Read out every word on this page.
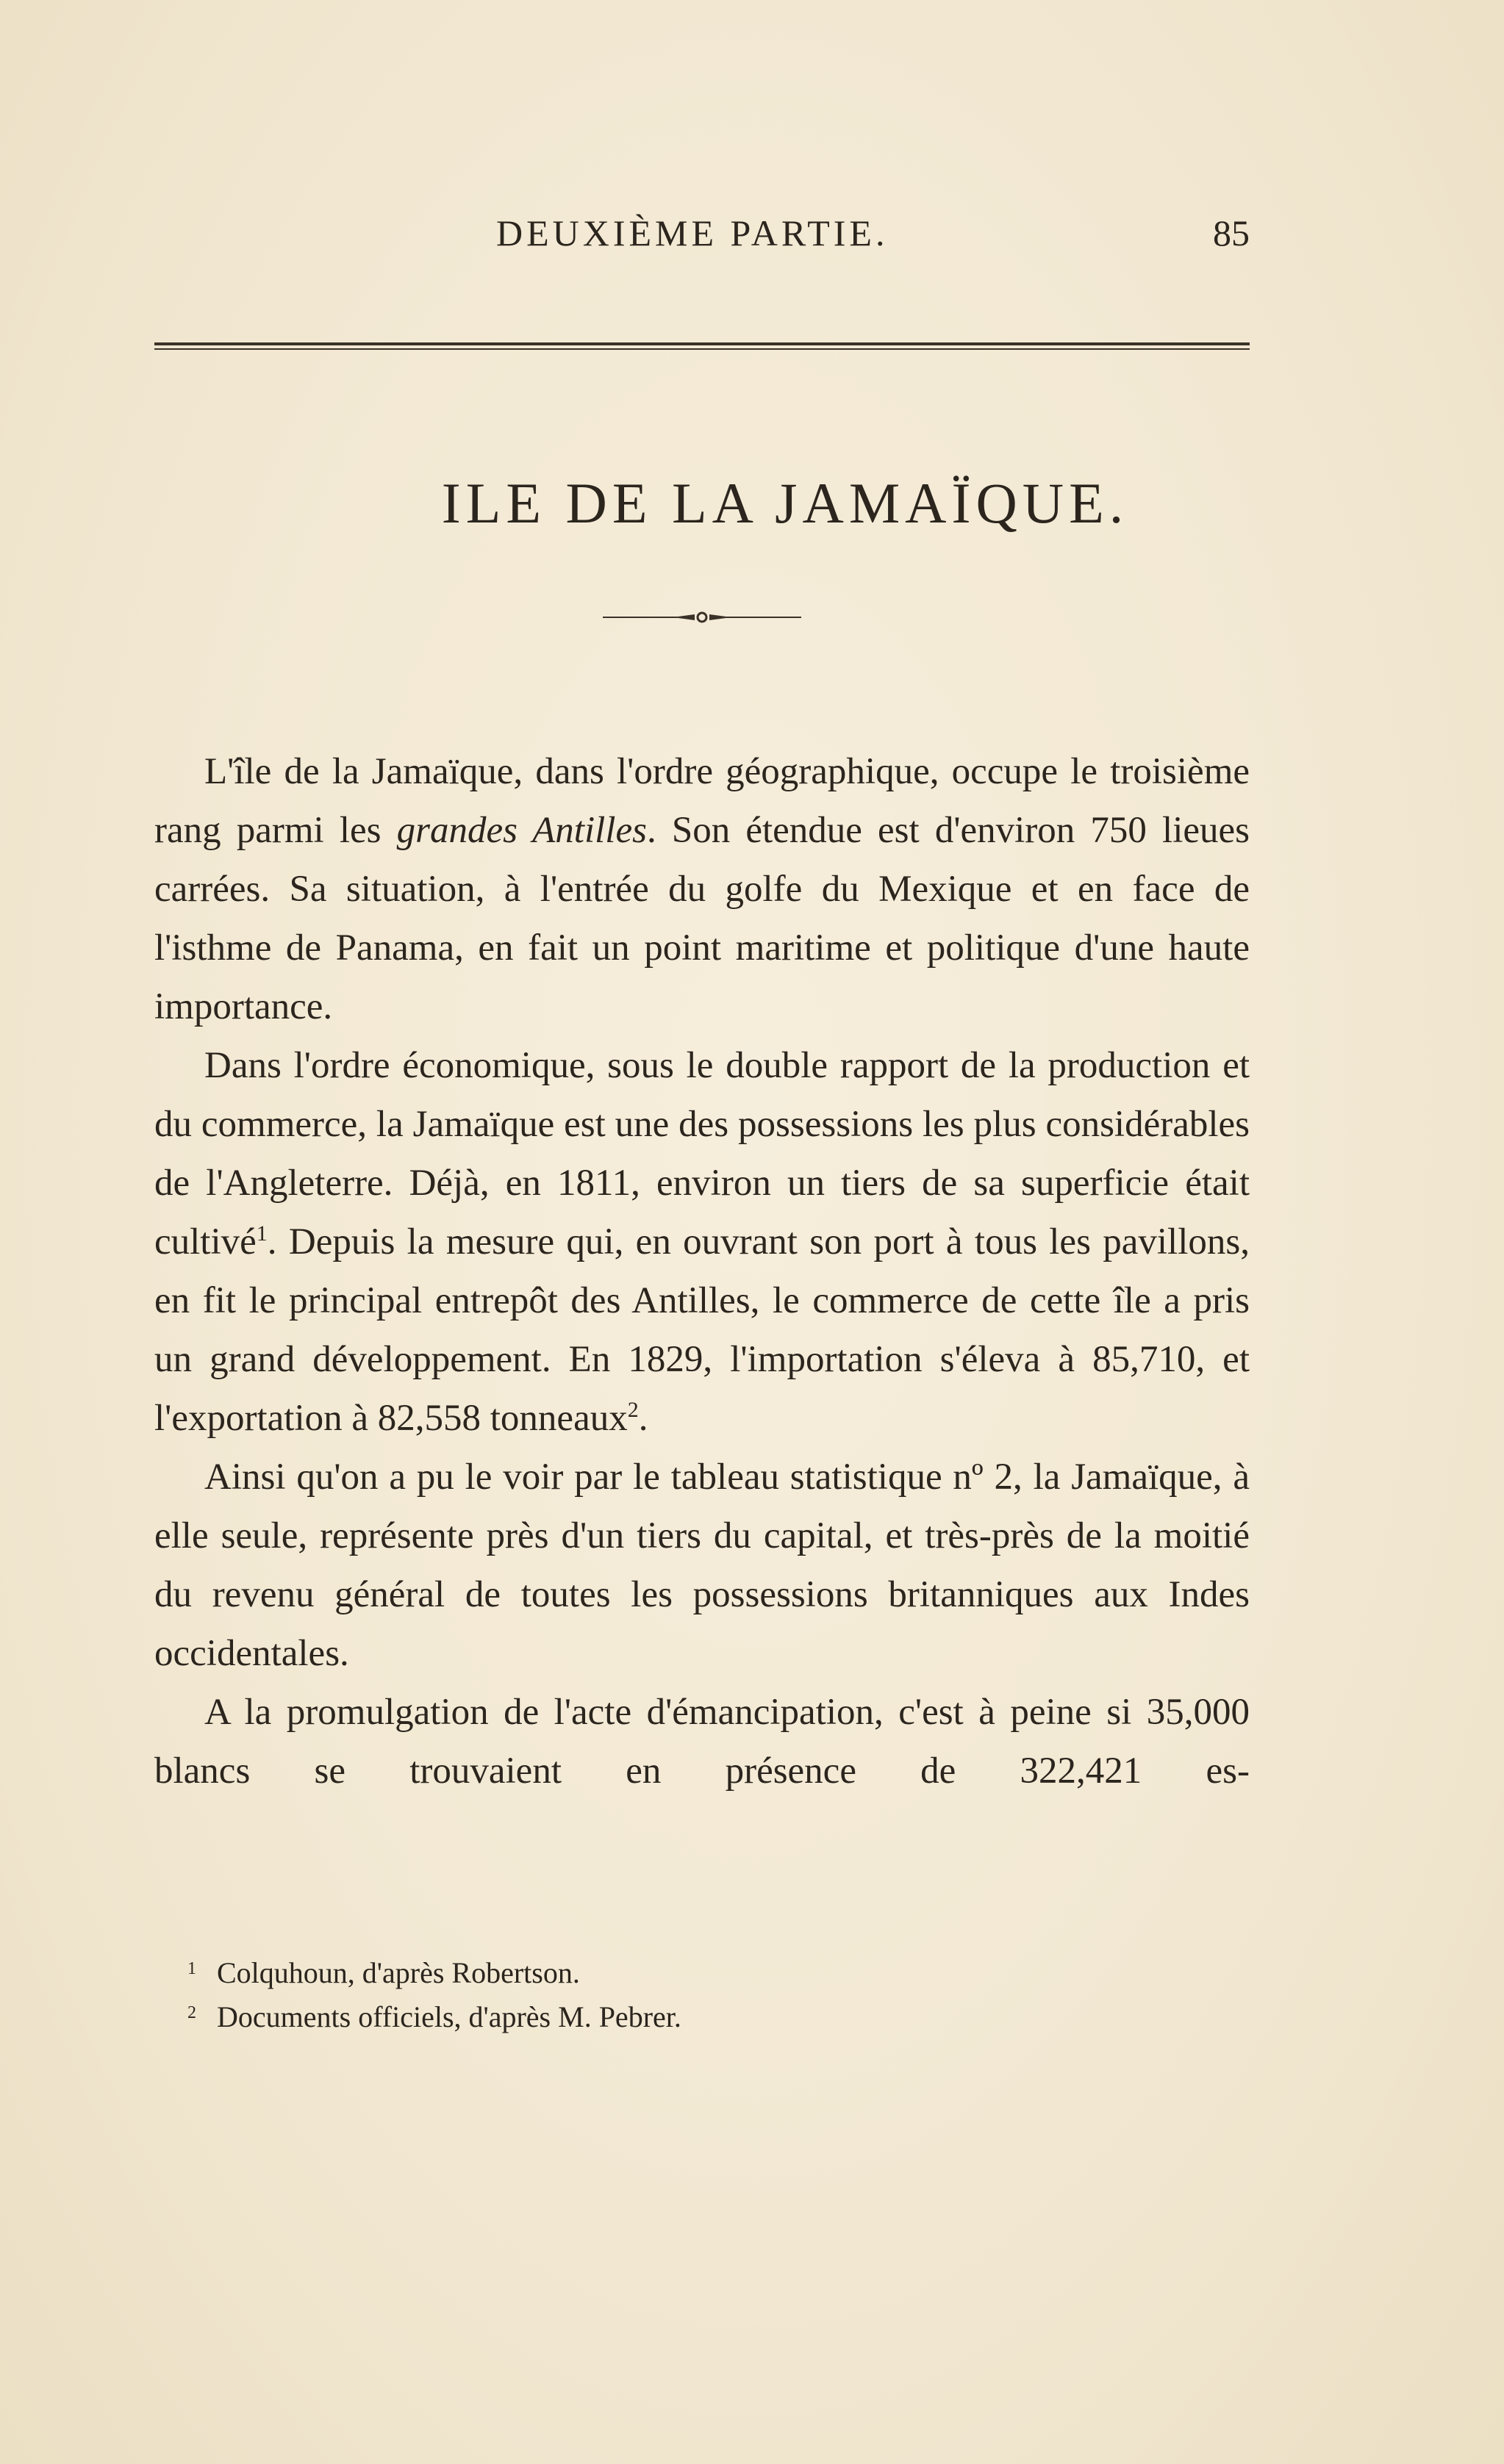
DEUXIÈME PARTIE.	85
ILE DE LA JAMAÏQUE.

L'île de la Jamaïque, dans l'ordre géographique, occupe le troisième rang parmi les grandes Antilles. Son étendue est d'environ 750 lieues carrées. Sa situation, à l'entrée du golfe du Mexique et en face de l'isthme de Panama, en fait un point maritime et politique d'une haute importance.

Dans l'ordre économique, sous le double rapport de la production et du commerce, la Jamaïque est une des possessions les plus considérables de l'Angleterre. Déjà, en 1811, environ un tiers de sa superficie était cultivé$^1$. Depuis la mesure qui, en ouvrant son port à tous les pavillons, en fit le principal entrepôt des Antilles, le commerce de cette île a pris un grand développement. En 1829, l'importation s'éleva à 85,710, et l'exportation à 82,558 tonneaux$^2$.

Ainsi qu'on a pu le voir par le tableau statistique nº 2, la Jamaïque, à elle seule, représente près d'un tiers du capital, et très-près de la moitié du revenu général de toutes les possessions britanniques aux Indes occidentales.

A la promulgation de l'acte d'émancipation, c'est à peine si 35,000 blancs se trouvaient en présence de 322,421 es-

1 Colquhoun, d'après Robertson.
2 Documents officiels, d'après M. Pebrer.
